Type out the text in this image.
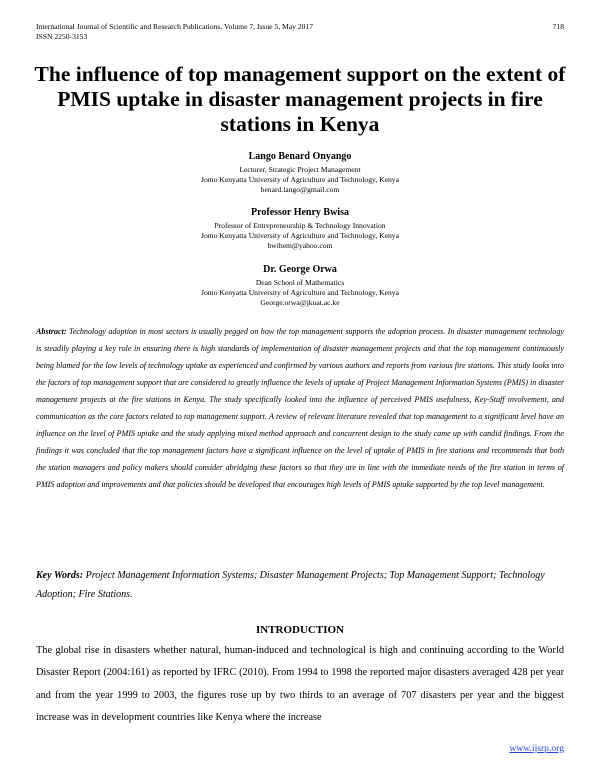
International Journal of Scientific and Research Publications, Volume 7, Issue 5, May 2017
ISSN 2250-3153
718
The influence of top management support on the extent of PMIS uptake in disaster management projects in fire stations in Kenya
Lango Benard Onyango
Lecturer, Strategic Project Management
Jomo Kenyatta University of Agriculture and Technology, Kenya
benard.lango@gmail.com
Professor Henry Bwisa
Professor of Entrepreneurship & Technology Innovation
Jomo Kenyatta University of Agriculture and Technology, Kenya
bwihem@yahoo.com
Dr. George Orwa
Dean School of Mathematics
Jomo Kenyatta University of Agriculture and Technology, Kenya
George.orwa@jkuat.ac.ke
Abstract: Technology adoption in most sectors is usually pegged on how the top management supports the adoption process. In disaster management technology is steadily playing a key role in ensuring there is high standards of implementation of disaster management projects and that the top management continuously being blamed for the low levels of technology uptake as experienced and confirmed by various authors and reports from various fire stations. This study looks into the factors of top management support that are considered to greatly influence the levels of uptake of Project Management Information Systems (PMIS) in disaster management projects at the fire stations in Kenya. The study specifically looked into the influence of perceived PMIS usefulness, Key-Staff involvement, and communication as the core factors related to top management support. A review of relevant literature revealed that top management to a significant level have an influence on the level of PMIS uptake and the study applying mixed method approach and concurrent design to the study came up with candid findings. From the findings it was concluded that the top management factors have a significant influence on the level of uptake of PMIS in fire stations and recommends that both the station managers and policy makers should consider abridging these factors so that they are in line with the immediate needs of the fire station in terms of PMIS adoption and improvements and that policies should be developed that encourages high levels of PMIS uptake supported by the top level management.
Key Words: Project Management Information Systems; Disaster Management Projects; Top Management Support; Technology Adoption; Fire Stations.
INTRODUCTION
The global rise in disasters whether natural, human-induced and technological is high and continuing according to the World Disaster Report (2004:161) as reported by IFRC (2010). From 1994 to 1998 the reported major disasters averaged 428 per year and from the year 1999 to 2003, the figures rose up by two thirds to an average of 707 disasters per year and the biggest increase was in development countries like Kenya where the increase
www.ijsrp.org
